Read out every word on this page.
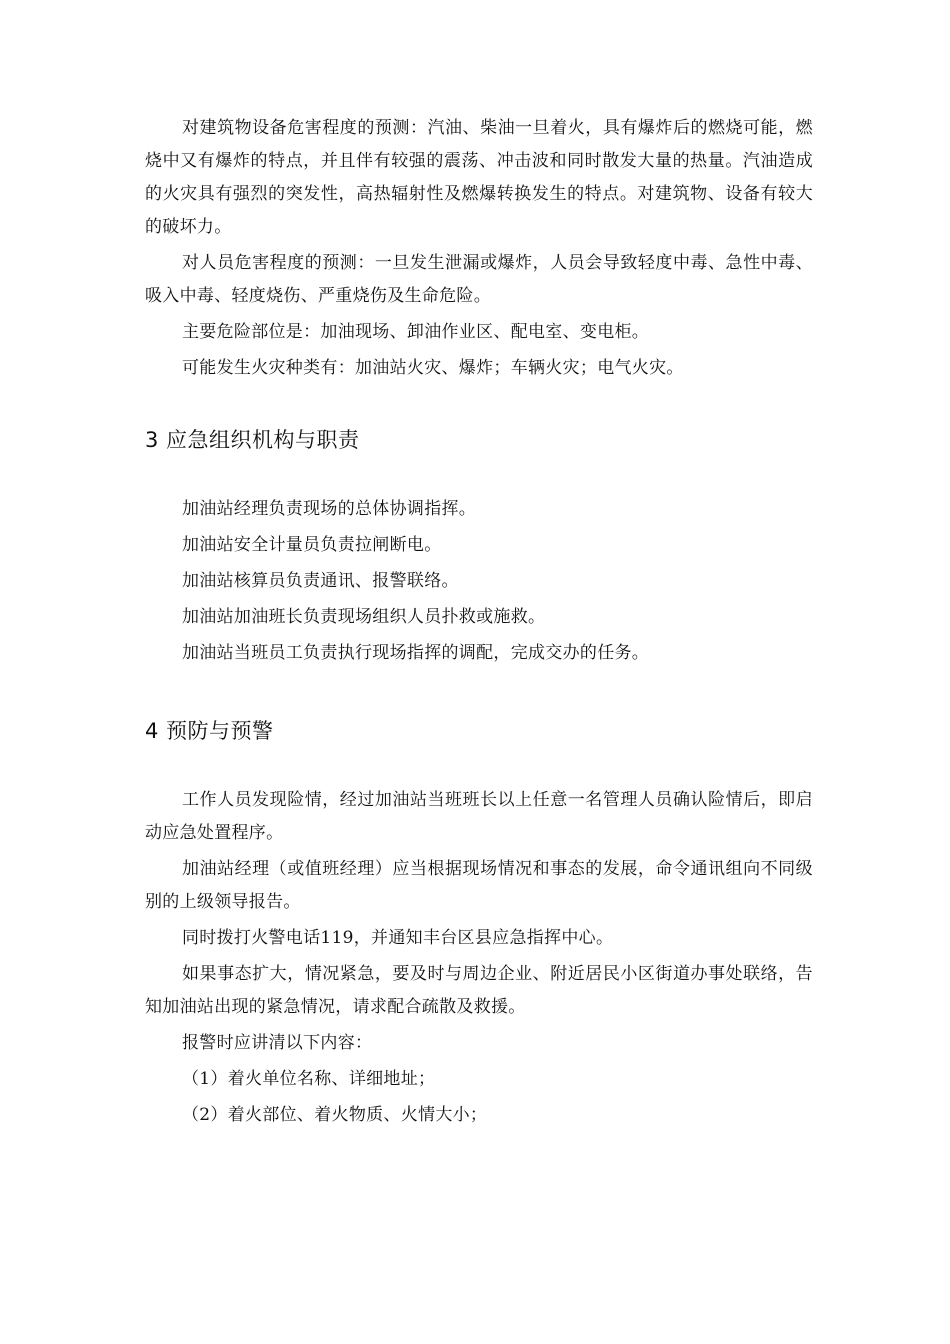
对建筑物设备危害程度的预测：汽油、柴油一旦着火，具有爆炸后的燃烧可能，燃烧中又有爆炸的特点，并且伴有较强的震荡、冲击波和同时散发大量的热量。汽油造成的火灾具有强烈的突发性，高热辐射性及燃爆转换发生的特点。对建筑物、设备有较大的破坏力。

对人员危害程度的预测：一旦发生泄漏或爆炸，人员会导致轻度中毒、急性中毒、吸入中毒、轻度烧伤、严重烧伤及生命危险。

主要危险部位是：加油现场、卸油作业区、配电室、变电柜。

可能发生火灾种类有：加油站火灾、爆炸；车辆火灾；电气火灾。

3 应急组织机构与职责

加油站经理负责现场的总体协调指挥。

加油站安全计量员负责拉闸断电。

加油站核算员负责通讯、报警联络。

加油站加油班长负责现场组织人员扑救或施救。

加油站当班员工负责执行现场指挥的调配，完成交办的任务。

4 预防与预警

工作人员发现险情，经过加油站当班班长以上任意一名管理人员确认险情后，即启动应急处置程序。

加油站经理（或值班经理）应当根据现场情况和事态的发展，命令通讯组向不同级别的上级领导报告。

同时拨打火警电话119，并通知丰台区县应急指挥中心。

如果事态扩大，情况紧急，要及时与周边企业、附近居民小区街道办事处联络，告知加油站出现的紧急情况，请求配合疏散及救援。

报警时应讲清以下内容：

（1）着火单位名称、详细地址；

（2）着火部位、着火物质、火情大小；
